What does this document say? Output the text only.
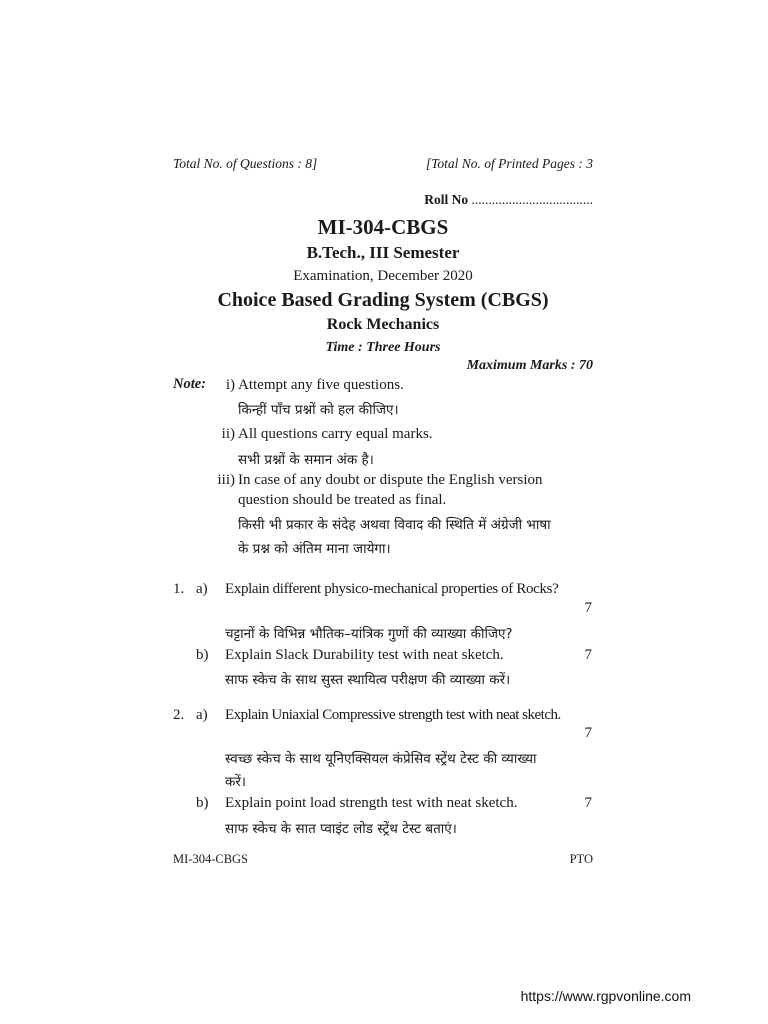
Total No. of Questions : 8]	[Total No. of Printed Pages : 3
Roll No ....................................
MI-304-CBGS
B.Tech., III Semester
Examination, December 2020
Choice Based Grading System (CBGS)
Rock Mechanics
Time : Three Hours
Maximum Marks : 70
Note:	i) Attempt any five questions.
किन्हीं पाँच प्रश्नों को हल कीजिए।
ii) All questions carry equal marks.
सभी प्रश्नों के समान अंक है।
iii) In case of any doubt or dispute the English version
question should be treated as final.
किसी भी प्रकार के संदेह अथवा विवाद की स्थिति में अंग्रेजी भाषा
के प्रश्न को अंतिम माना जायेगा।
1. a) Explain different physico-mechanical properties of Rocks?
7
चट्टानों के विभिन्न भौतिक–यांत्रिक गुणों की व्याख्या कीजिए?
b) Explain Slack Durability test with neat sketch.	7
साफ स्केच के साथ सुस्त स्थायित्व परीक्षण की व्याख्या करें।
2. a) Explain Uniaxial Compressive strength test with neat sketch.
7
स्वच्छ स्केच के साथ यूनिएक्सियल कंप्रेसिव स्ट्रेंथ टेस्ट की व्याख्या
करें।
b) Explain point load strength test with neat sketch.	7
साफ स्केच के सात प्वाइंट लोड स्ट्रेंथ टेस्ट बताएं।
MI-304-CBGS	PTO
https://www.rgpvonline.com
